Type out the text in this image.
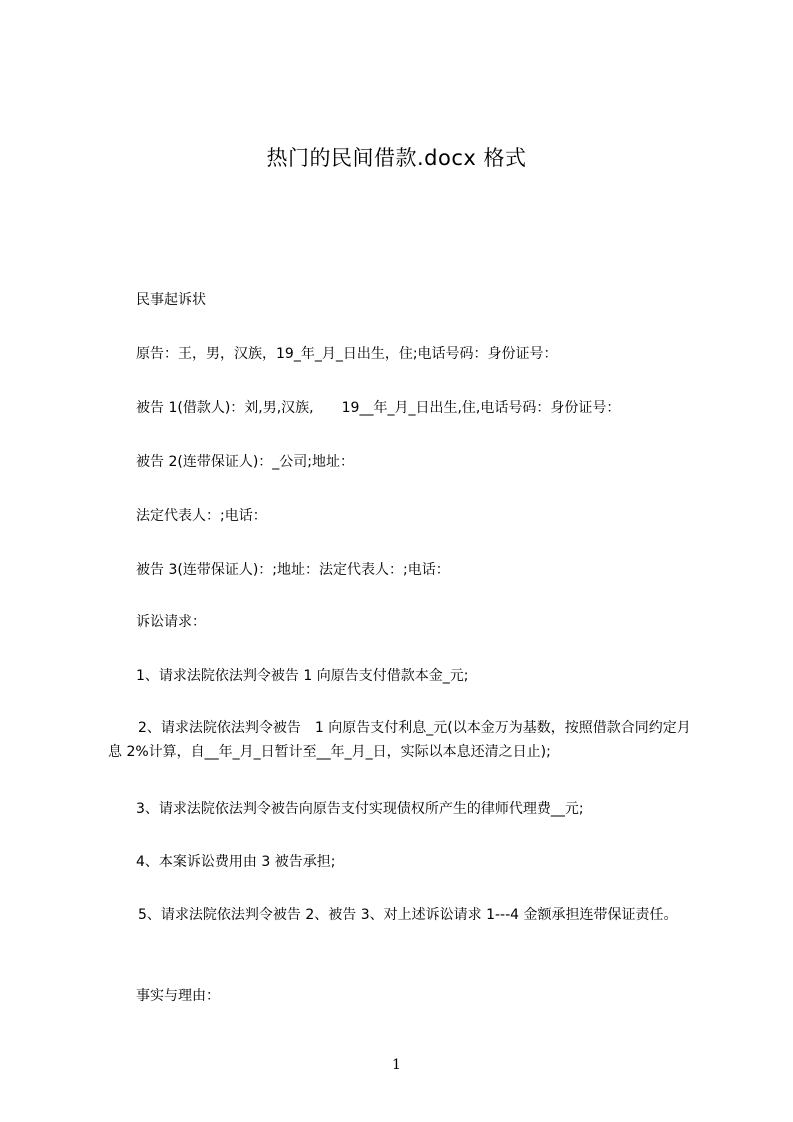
热门的民间借款.docx 格式
民事起诉状
原告：王，男，汉族，19_年_月_日出生，住;电话号码：身份证号：
被告 1(借款人)：刘,男,汉族,　　19__年_月_日出生,住,电话号码：身份证号：
被告 2(连带保证人)：_公司;地址：
法定代表人：;电话：
被告 3(连带保证人)：;地址：法定代表人：;电话：
诉讼请求：
1、请求法院依法判令被告 1 向原告支付借款本金_元;
2、请求法院依法判令被告　1 向原告支付利息_元(以本金万为基数，按照借款合同约定月息 2%计算，自__年_月_日暂计至__年_月_日，实际以本息还清之日止);
3、请求法院依法判令被告向原告支付实现债权所产生的律师代理费__元;
4、本案诉讼费用由 3 被告承担;
5、请求法院依法判令被告 2、被告 3、对上述诉讼请求 1---4 金额承担连带保证责任。
事实与理由：
1
